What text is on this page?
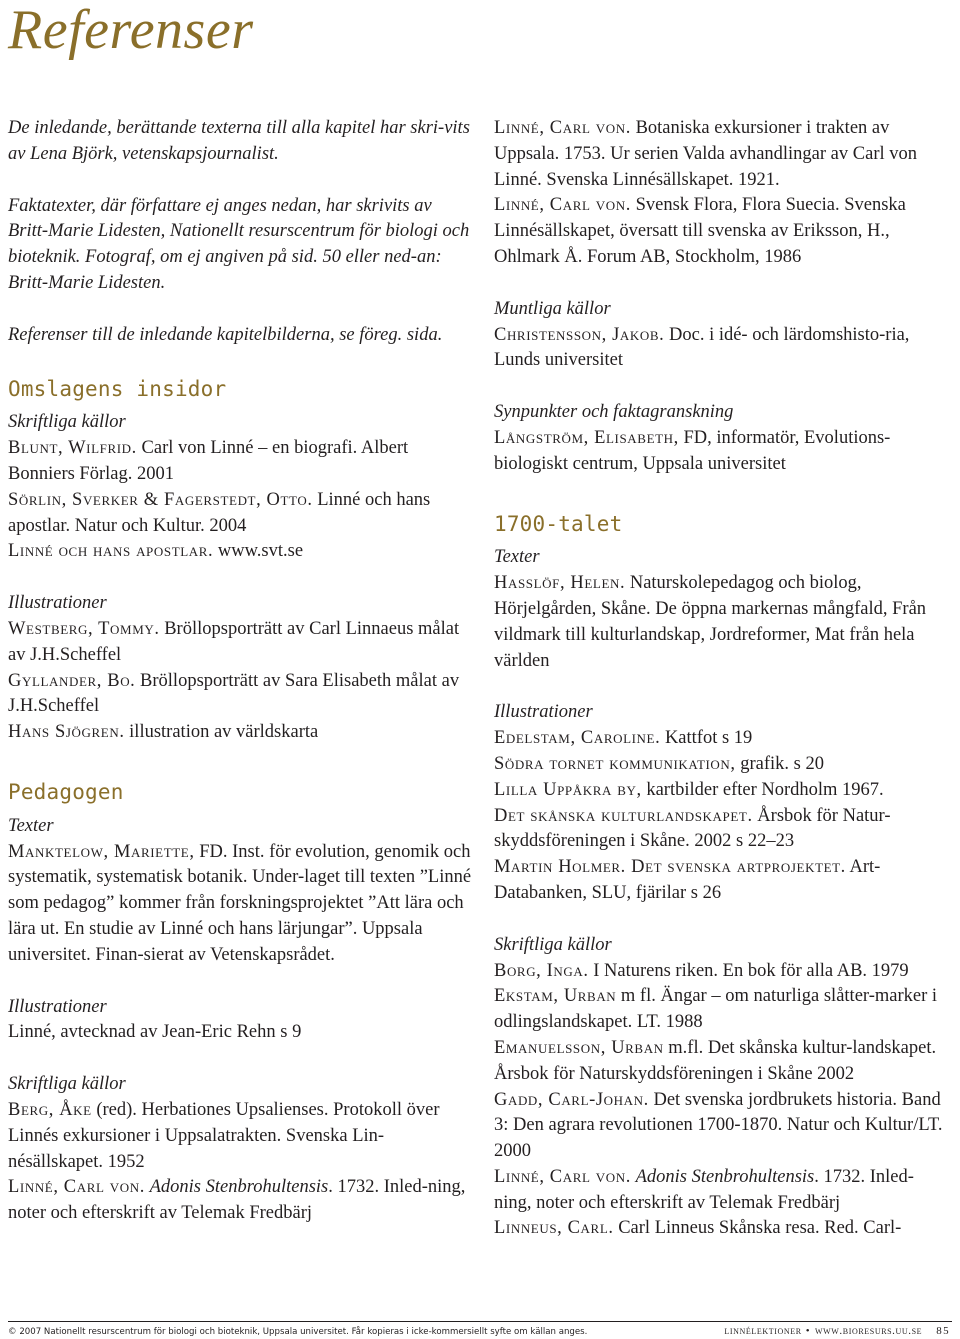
Referenser

De inledande, berättande texterna till alla kapitel har skri-vits av Lena Björk, vetenskapsjournalist.

Faktatexter, där författare ej anges nedan, har skrivits av Britt-Marie Lidesten, Nationellt resurscentrum för biologi och bioteknik. Fotograf, om ej angiven på sid. 50 eller ned-an: Britt-Marie Lidesten.

Referenser till de inledande kapitelbilderna, se föreg. sida.

Omslagens insidor

Skriftliga källor

Blunt, Wilfrid. Carl von Linné – en biografi. Albert Bonniers Förlag. 2001

Sörlin, Sverker & Fagerstedt, Otto. Linné och hans apostlar. Natur och Kultur. 2004

Linné och hans apostlar. www.svt.se

Illustrationer

Westberg, Tommy. Bröllopsporträtt av Carl Linnaeus målat av J.H.Scheffel

Gyllander, Bo. Bröllopsporträtt av Sara Elisabeth målat av J.H.Scheffel

Hans Sjögren. illustration av världskarta

Pedagogen

Texter

Manktelow, Mariette, FD. Inst. för evolution, genomik och systematik, systematisk botanik. Under-laget till texten ”Linné som pedagog” kommer från forskningsprojektet ”Att lära och lära ut. En studie av Linné och hans lärjungar”. Uppsala universitet. Finan-sierat av Vetenskapsrådet.

Illustrationer

Linné, avtecknad av Jean-Eric Rehn s 9

Skriftliga källor

Berg, Åke (red). Herbationes Upsalienses. Protokoll över Linnés exkursioner i Uppsalatrakten. Svenska Lin-nésällskapet. 1952

Linné, Carl von. Adonis Stenbrohultensis. 1732. Inled-ning, noter och efterskrift av Telemak Fredbärj

Linné, Carl von. Botaniska exkursioner i trakten av Uppsala. 1753. Ur serien Valda avhandlingar av Carl von Linné. Svenska Linnésällskapet. 1921.

Linné, Carl von. Svensk Flora, Flora Suecia. Svenska Linnésällskapet, översatt till svenska av Eriksson, H., Ohlmark Å. Forum AB, Stockholm, 1986

Muntliga källor

Christensson, Jakob. Doc. i idé- och lärdomshisto-ria, Lunds universitet

Synpunkter och faktagranskning

Långström, Elisabeth, FD, informatör, Evolutions-biologiskt centrum, Uppsala universitet

1700-talet

Texter

Hasslöf, Helen. Naturskolepedagog och biolog, Hörjelgården, Skåne. De öppna markernas mångfald, Från vildmark till kulturlandskap, Jordreformer, Mat från hela världen

Illustrationer

Edelstam, Caroline. Kattfot s 19

Södra tornet kommunikation, grafik. s 20

Lilla Uppåkra by, kartbilder efter Nordholm 1967.

Det skånska kulturlandskapet. Årsbok för Natur-skyddsföreningen i Skåne. 2002 s 22–23

Martin Holmer. Det svenska artprojektet. Art-Databanken, SLU, fjärilar s 26

Skriftliga källor

Borg, Inga. I Naturens riken. En bok för alla AB. 1979

Ekstam, Urban m fl. Ängar – om naturliga slåtter-marker i odlingslandskapet. LT. 1988

Emanuelsson, Urban m.fl. Det skånska kultur-landskapet. Årsbok för Naturskyddsföreningen i Skåne 2002

Gadd, Carl-Johan. Det svenska jordbrukets historia. Band 3: Den agrara revolutionen 1700-1870. Natur och Kultur/LT. 2000

Linné, Carl von. Adonis Stenbrohultensis. 1732. Inled-ning, noter och efterskrift av Telemak Fredbärj

Linneus, Carl. Carl Linneus Skånska resa. Red. Carl-

© 2007 Nationellt resurscentrum för biologi och bioteknik, Uppsala universitet. Får kopieras i icke-kommersiellt syfte om källan anges.	linnélektioner • www.bioresurs.uu.se 85
